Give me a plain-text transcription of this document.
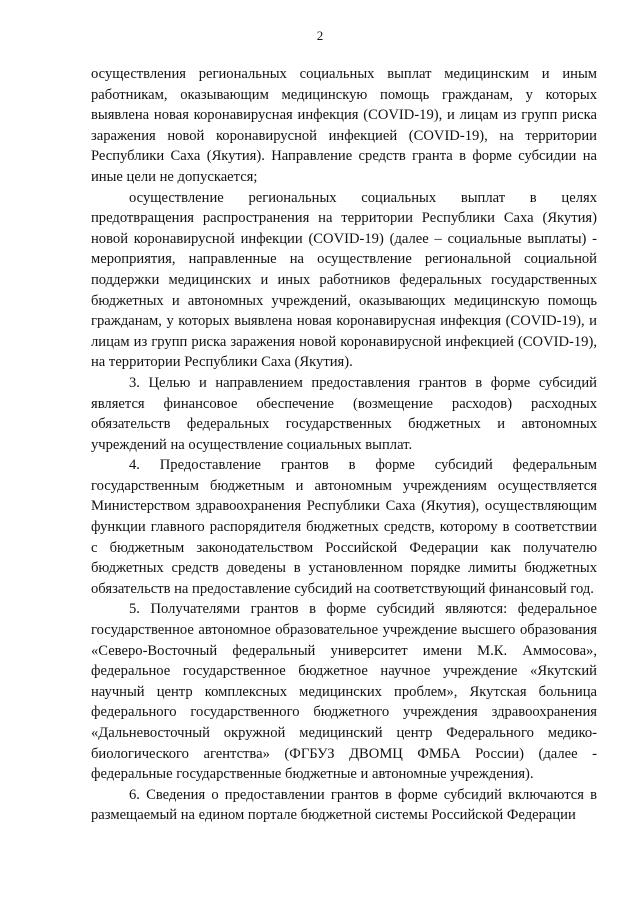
2

осуществления региональных социальных выплат медицинским и иным работникам, оказывающим медицинскую помощь гражданам, у которых выявлена новая коронавирусная инфекция (COVID-19), и лицам из групп риска заражения новой коронавирусной инфекцией (COVID-19), на территории Республики Саха (Якутия). Направление средств гранта в форме субсидии на иные цели не допускается;

осуществление региональных социальных выплат в целях предотвращения распространения на территории Республики Саха (Якутия) новой коронавирусной инфекции (COVID-19) (далее – социальные выплаты) - мероприятия, направленные на осуществление региональной социальной поддержки медицинских и иных работников федеральных государственных бюджетных и автономных учреждений, оказывающих медицинскую помощь гражданам, у которых выявлена новая коронавирусная инфекция (COVID-19), и лицам из групп риска заражения новой коронавирусной инфекцией (COVID-19), на территории Республики Саха (Якутия).

3. Целью и направлением предоставления грантов в форме субсидий является финансовое обеспечение (возмещение расходов) расходных обязательств федеральных государственных бюджетных и автономных учреждений на осуществление социальных выплат.

4. Предоставление грантов в форме субсидий федеральным государственным бюджетным и автономным учреждениям осуществляется Министерством здравоохранения Республики Саха (Якутия), осуществляющим функции главного распорядителя бюджетных средств, которому в соответствии с бюджетным законодательством Российской Федерации как получателю бюджетных средств доведены в установленном порядке лимиты бюджетных обязательств на предоставление субсидий на соответствующий финансовый год.

5. Получателями грантов в форме субсидий являются: федеральное государственное автономное образовательное учреждение высшего образования «Северо-Восточный федеральный университет имени М.К. Аммосова», федеральное государственное бюджетное научное учреждение «Якутский научный центр комплексных медицинских проблем», Якутская больница федерального государственного бюджетного учреждения здравоохранения «Дальневосточный окружной медицинский центр Федерального медико-биологического агентства» (ФГБУЗ ДВОМЦ ФМБА России) (далее - федеральные государственные бюджетные и автономные учреждения).

6. Сведения о предоставлении грантов в форме субсидий включаются в размещаемый на едином портале бюджетной системы Российской Федерации
